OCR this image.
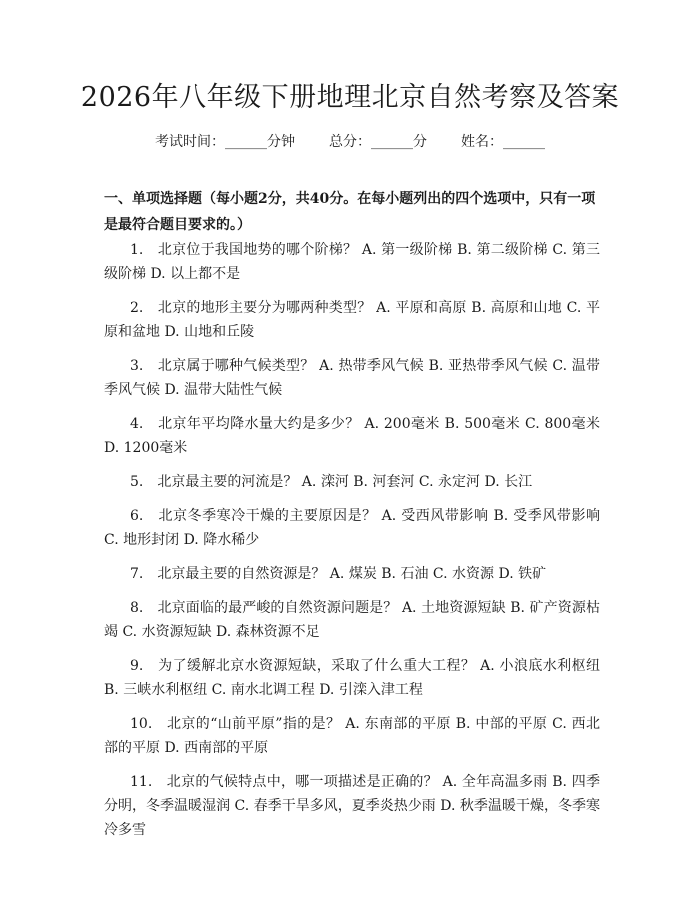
2026年八年级下册地理北京自然考察及答案
考试时间：______分钟 总分：______分 姓名：______

一、单项选择题（每小题2分，共40分。在每小题列出的四个选项中，只有一项是最符合题目要求的。）

1.　北京位于我国地势的哪个阶梯？ A. 第一级阶梯 B. 第二级阶梯 C. 第三级阶梯 D. 以上都不是
2.　北京的地形主要分为哪两种类型？ A. 平原和高原 B. 高原和山地 C. 平原和盆地 D. 山地和丘陵
3.　北京属于哪种气候类型？ A. 热带季风气候 B. 亚热带季风气候 C. 温带季风气候 D. 温带大陆性气候
4.　北京年平均降水量大约是多少？ A. 200毫米 B. 500毫米 C. 800毫米 D. 1200毫米
5.　北京最主要的河流是？ A. 滦河 B. 河套河 C. 永定河 D. 长江
6.　北京冬季寒冷干燥的主要原因是？ A. 受西风带影响 B. 受季风带影响 C. 地形封闭 D. 降水稀少
7.　北京最主要的自然资源是？ A. 煤炭 B. 石油 C. 水资源 D. 铁矿
8.　北京面临的最严峻的自然资源问题是？ A. 土地资源短缺 B. 矿产资源枯竭 C. 水资源短缺 D. 森林资源不足
9.　为了缓解北京水资源短缺，采取了什么重大工程？ A. 小浪底水利枢纽 B. 三峡水利枢纽 C. 南水北调工程 D. 引滦入津工程
10.　北京的“山前平原”指的是？ A. 东南部的平原 B. 中部的平原 C. 西北部的平原 D. 西南部的平原
11.　北京的气候特点中，哪一项描述是正确的？ A. 全年高温多雨 B. 四季分明，冬季温暖湿润 C. 春季干旱多风，夏季炎热少雨 D. 秋季温暖干燥，冬季寒冷多雪
